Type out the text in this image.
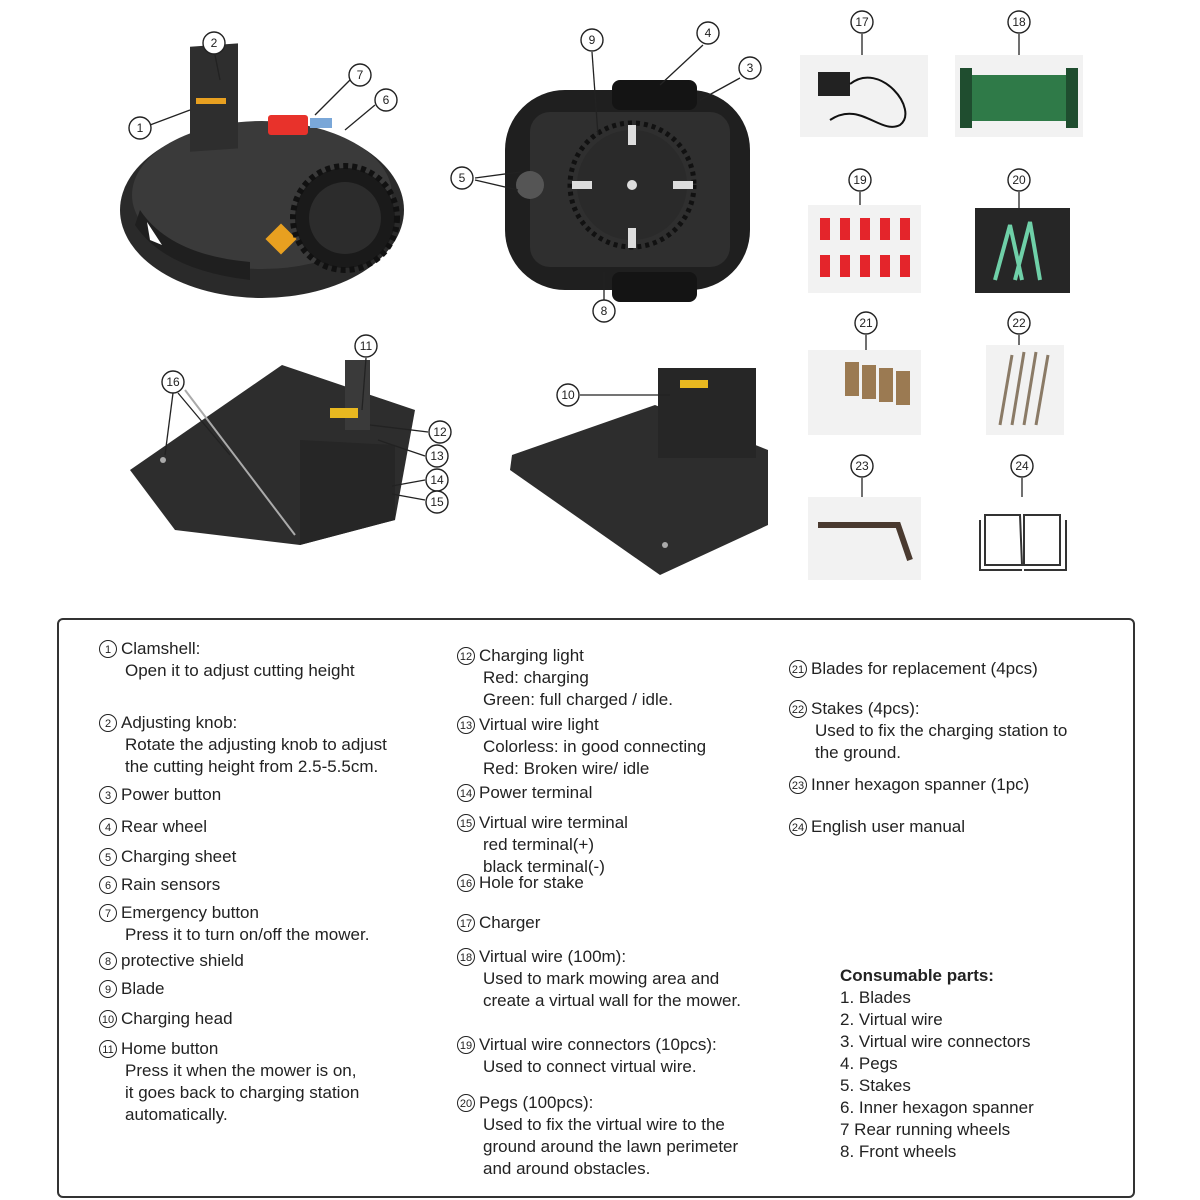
1
2
7
6
9	4
3
5
8
16
11
12
13
14
15
10
17	18
19	20
21	22
23	24
1 Clamshell:
Open it to adjust cutting height
2 Adjusting knob:
Rotate the adjusting knob to adjust
the cutting height from 2.5-5.5cm.
3 Power button
4 Rear wheel
5 Charging sheet
6 Rain sensors
7 Emergency button
Press it to turn on/off the mower.
8 protective shield
9 Blade
10 Charging head
11 Home button
Press it when the mower is on,
it goes back to charging station
automatically.
12 Charging light
Red: charging
Green: full charged / idle.
13 Virtual wire light
Colorless: in good connecting
Red: Broken wire/ idle
14 Power terminal
15 Virtual wire terminal
red terminal(+)
black terminal(-)
16 Hole for stake
17 Charger
18 Virtual wire (100m):
Used to mark mowing area and
create a virtual wall for the mower.
19 Virtual wire connectors (10pcs):
Used to connect virtual wire.
20 Pegs (100pcs):
Used to fix the virtual wire to the
ground around the lawn perimeter
and around obstacles.
21 Blades for replacement (4pcs)
22 Stakes (4pcs):
Used to fix the charging station to
the ground.
23 Inner hexagon spanner (1pc)
24 English user manual
Consumable parts:
1. Blades
2. Virtual wire
3. Virtual wire connectors
4. Pegs
5. Stakes
6. Inner hexagon spanner
7 Rear running wheels
8. Front wheels
